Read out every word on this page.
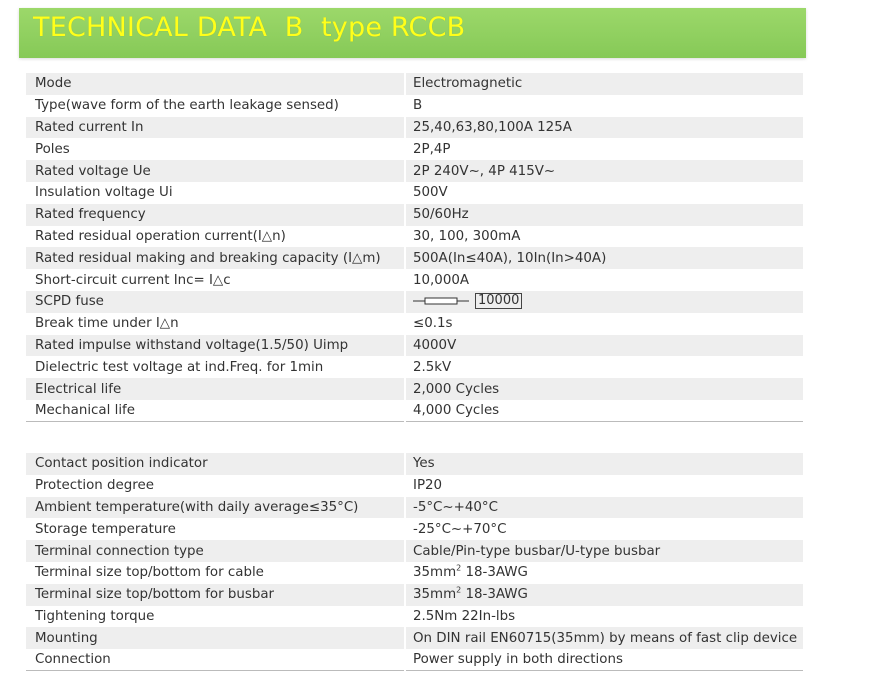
TECHNICAL DATA  B  type RCCB
Mode	Electromagnetic
Type(wave form of the earth leakage sensed)	B
Rated current In	25,40,63,80,100A 125A
Poles	2P,4P
Rated voltage Ue	2P 240V~, 4P 415V~
Insulation voltage Ui	500V
Rated frequency	50/60Hz
Rated residual operation current(I△n)	30, 100, 300mA
Rated residual making and breaking capacity (I△m)	500A(In≤40A), 10In(In>40A)
Short-circuit current Inc= I△c	10,000A
SCPD fuse	10000

Break time under I△n	≤0.1s
Rated impulse withstand voltage(1.5/50) Uimp	4000V
Dielectric test voltage at ind.Freq. for 1min	2.5kV
Electrical life	2,000 Cycles
Mechanical life	4,000 Cycles
Contact position indicator	Yes
Protection degree	IP20
Ambient temperature(with daily average≤35°C)	-5°C~+40°C
Storage temperature	-25°C~+70°C
Terminal connection type	Cable/Pin-type busbar/U-type busbar
Terminal size top/bottom for cable	$35mm^2$ 18-3AWG
Terminal size top/bottom for busbar	$35mm^2$ 18-3AWG
Tightening torque	2.5Nm 22In-lbs
Mounting	On DIN rail EN60715(35mm) by means of fast clip device
Connection	Power supply in both directions
